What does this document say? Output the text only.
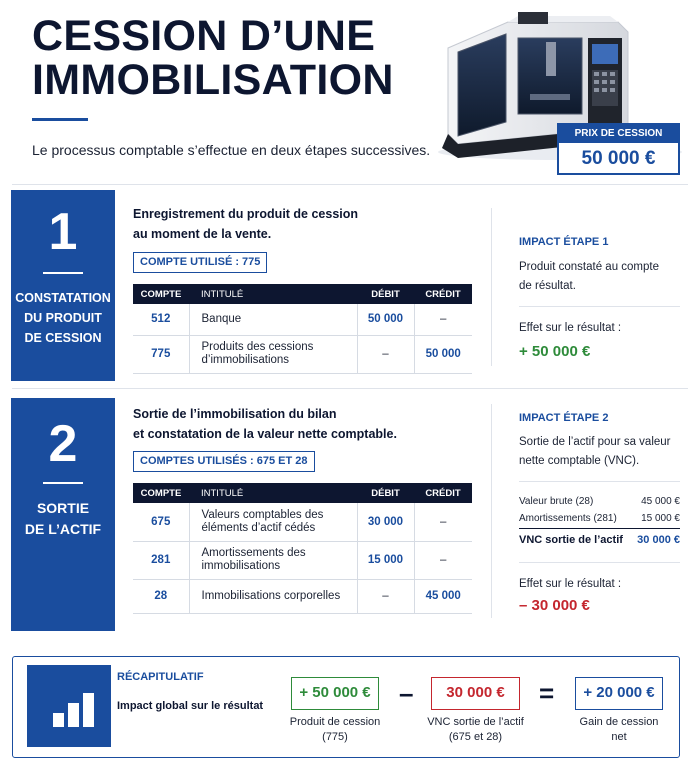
CESSION D’UNE
IMMOBILISATION
Le processus comptable s’effectue en deux étapes successives.
PRIX DE CESSION
50 000 €
1
CONSTATATION
DU PRODUIT
DE CESSION
Enregistrement du produit de cession
au moment de la vente.
COMPTE UTILISÉ : 775
COMPTE	INTITULÉ	DÉBIT	CRÉDIT
512	Banque	50 000	–
775	Produits des cessions
d’immobilisations	–	50 000
IMPACT ÉTAPE 1
Produit constaté au compte
de résultat.
Effet sur le résultat :
+ 50 000 €
2
SORTIE
DE L’ACTIF
Sortie de l’immobilisation du bilan
et constatation de la valeur nette comptable.
COMPTES UTILISÉS : 675 ET 28
COMPTE	INTITULÉ	DÉBIT	CRÉDIT
675	Valeurs comptables des
éléments d’actif cédés	30 000	–
281	Amortissements des
immobilisations	15 000	–
28	Immobilisations corporelles	–	45 000
IMPACT ÉTAPE 2
Sortie de l’actif pour sa valeur
nette comptable (VNC).
Valeur brute (28)	45 000 €
Amortissements (281) 15 000 €
VNC sortie de l’actif 30 000 €
Effet sur le résultat :
– 30 000 €
RÉCAPITULATIF
Impact global sur le résultat
+ 50 000 €
Produit de cession
(775)
–	30 000 €
VNC sortie de l’actif
(675 et 28)
=	+ 20 000 €
Gain de cession
net
